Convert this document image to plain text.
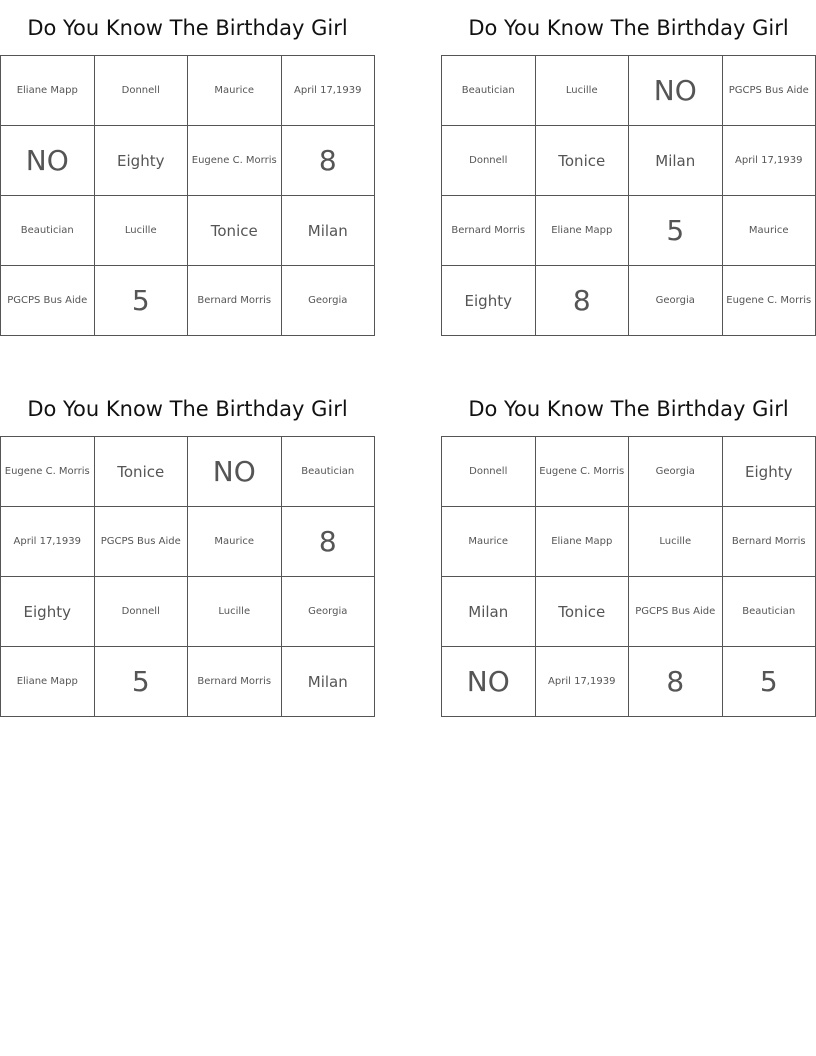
Do You Know The Birthday Girl
Eliane Mapp	Donnell	Maurice	April 17,1939
NO	Eighty	Eugene C. Morris	8
Beautician	Lucille	Tonice	Milan
PGCPS Bus Aide	5	Bernard Morris	Georgia
Do You Know The Birthday Girl
Beautician	Lucille	NO	PGCPS Bus Aide
Donnell	Tonice	Milan	April 17,1939
Bernard Morris	Eliane Mapp	5	Maurice
Eighty	8	Georgia	Eugene C. Morris
Do You Know The Birthday Girl
Eugene C. Morris	Tonice	NO	Beautician
April 17,1939	PGCPS Bus Aide	Maurice	8
Eighty	Donnell	Lucille	Georgia
Eliane Mapp	5	Bernard Morris	Milan
Do You Know The Birthday Girl
Donnell	Eugene C. Morris	Georgia	Eighty
Maurice	Eliane Mapp	Lucille	Bernard Morris
Milan	Tonice	PGCPS Bus Aide	Beautician
NO	April 17,1939	8	5
